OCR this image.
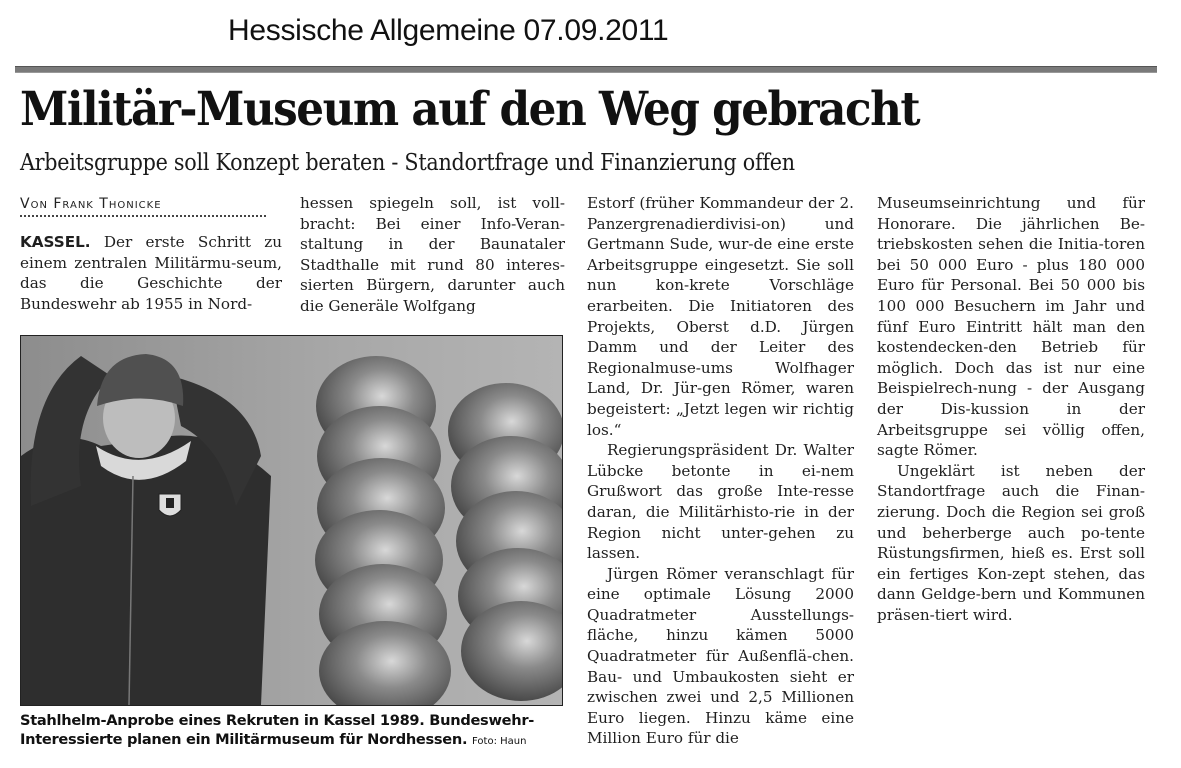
Hessische Allgemeine 07.09.2011
Militär-Museum auf den Weg gebracht
Arbeitsgruppe soll Konzept beraten - Standortfrage und Finanzierung offen
Von Frank Thonicke

KASSEL. Der erste Schritt zu einem zentralen Militärmu-seum, das die Geschichte der Bundeswehr ab 1955 in Nord-

hessen spiegeln soll, ist voll-bracht: Bei einer Info-Veran-staltung in der Baunataler Stadthalle mit rund 80 interes-sierten Bürgern, darunter auch die Generäle Wolfgang

Estorf (früher Kommandeur der 2. Panzergrenadierdivisi-on) und Gertmann Sude, wur-de eine erste Arbeitsgruppe eingesetzt. Sie soll nun kon-krete Vorschläge erarbeiten. Die Initiatoren des Projekts, Oberst d.D. Jürgen Damm und der Leiter des Regionalmuse-ums Wolfhager Land, Dr. Jür-gen Römer, waren begeistert: „Jetzt legen wir richtig los.“

Regierungspräsident Dr. Walter Lübcke betonte in ei-nem Grußwort das große Inte-resse daran, die Militärhisto-rie in der Region nicht unter-gehen zu lassen.

Jürgen Römer veranschlagt für eine optimale Lösung 2000 Quadratmeter Ausstellungs-fläche, hinzu kämen 5000 Quadratmeter für Außenflä-chen. Bau- und Umbaukosten sieht er zwischen zwei und 2,5 Millionen Euro liegen. Hinzu käme eine Million Euro für die

Museumseinrichtung und für Honorare. Die jährlichen Be-triebskosten sehen die Initia-toren bei 50 000 Euro - plus 180 000 Euro für Personal. Bei 50 000 bis 100 000 Besuchern im Jahr und fünf Euro Eintritt hält man den kostendecken-den Betrieb für möglich. Doch das ist nur eine Beispielrech-nung - der Ausgang der Dis-kussion in der Arbeitsgruppe sei völlig offen, sagte Römer.

Ungeklärt ist neben der Standortfrage auch die Finan-zierung. Doch die Region sei groß und beherberge auch po-tente Rüstungsfirmen, hieß es. Erst soll ein fertiges Kon-zept stehen, das dann Geldge-bern und Kommunen präsen-tiert wird.

Stahlhelm-Anprobe eines Rekruten in Kassel 1989. Bundeswehr-Interessierte planen ein Militärmuseum für Nordhessen. Foto: Haun
